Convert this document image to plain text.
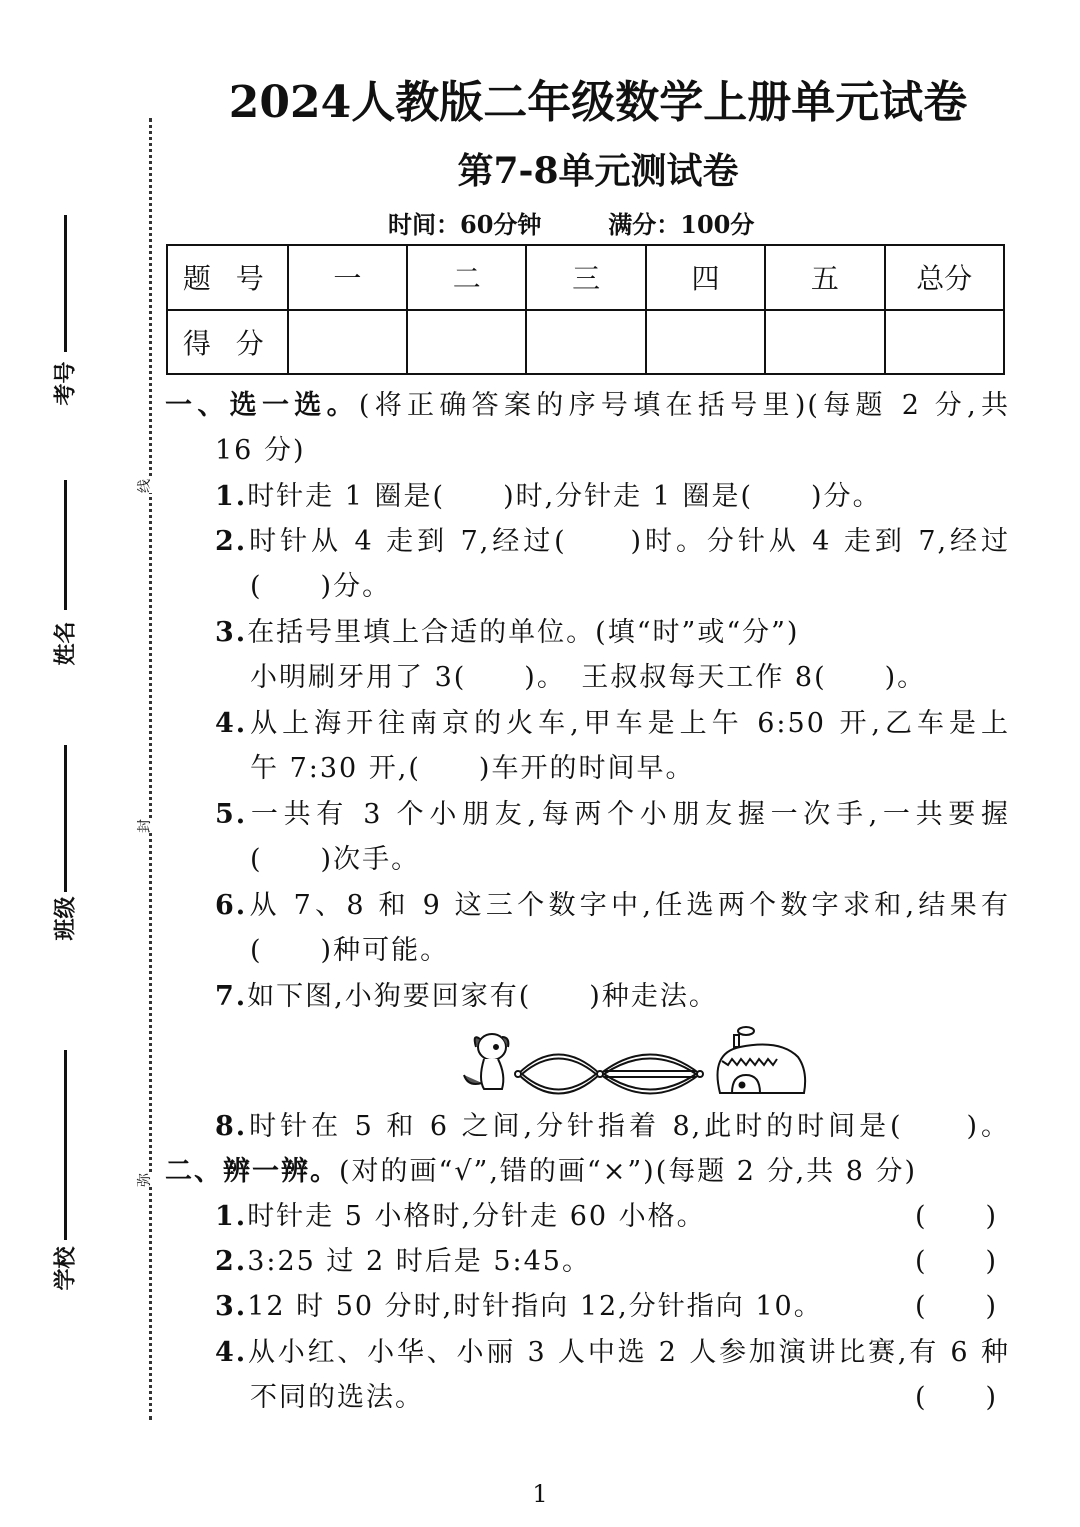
2024人教版二年级数学上册单元试卷
第7-8单元测试卷
时间：60分钟	满分：100分
线
封
弥
考号
姓名
班级
学校
题 号	一	二	三	四	五	总分
得 分						
一、选一选。(将正确答案的序号填在括号里)(每题 2 分,共
16 分)
1.时针走 1 圈是(　　)时,分针走 1 圈是(　　)分。
2.时针从 4 走到 7,经过(　　)时。分针从 4 走到 7,经过
(　　)分。
3.在括号里填上合适的单位。(填“时”或“分”)
小明刷牙用了 3(　　)。　王叔叔每天工作 8(　　)。
4.从上海开往南京的火车,甲车是上午 6:50 开,乙车是上
午 7:30 开,(　　)车开的时间早。
5.一共有 3 个小朋友,每两个小朋友握一次手,一共要握
(　　)次手。
6.从 7、8 和 9 这三个数字中,任选两个数字求和,结果有
(　　)种可能。
7.如下图,小狗要回家有(　　)种走法。
8.时针在 5 和 6 之间,分针指着 8,此时的时间是(　　)。
二、辨一辨。(对的画“√”,错的画“×”)(每题 2 分,共 8 分)
1.时针走 5 小格时,分针走 60 小格。	(　　)
2.3:25 过 2 时后是 5:45。	(　　)
3.12 时 50 分时,时针指向 12,分针指向 10。	(　　)
4.从小红、小华、小丽 3 人中选 2 人参加演讲比赛,有 6 种
不同的选法。	(　　)
1
